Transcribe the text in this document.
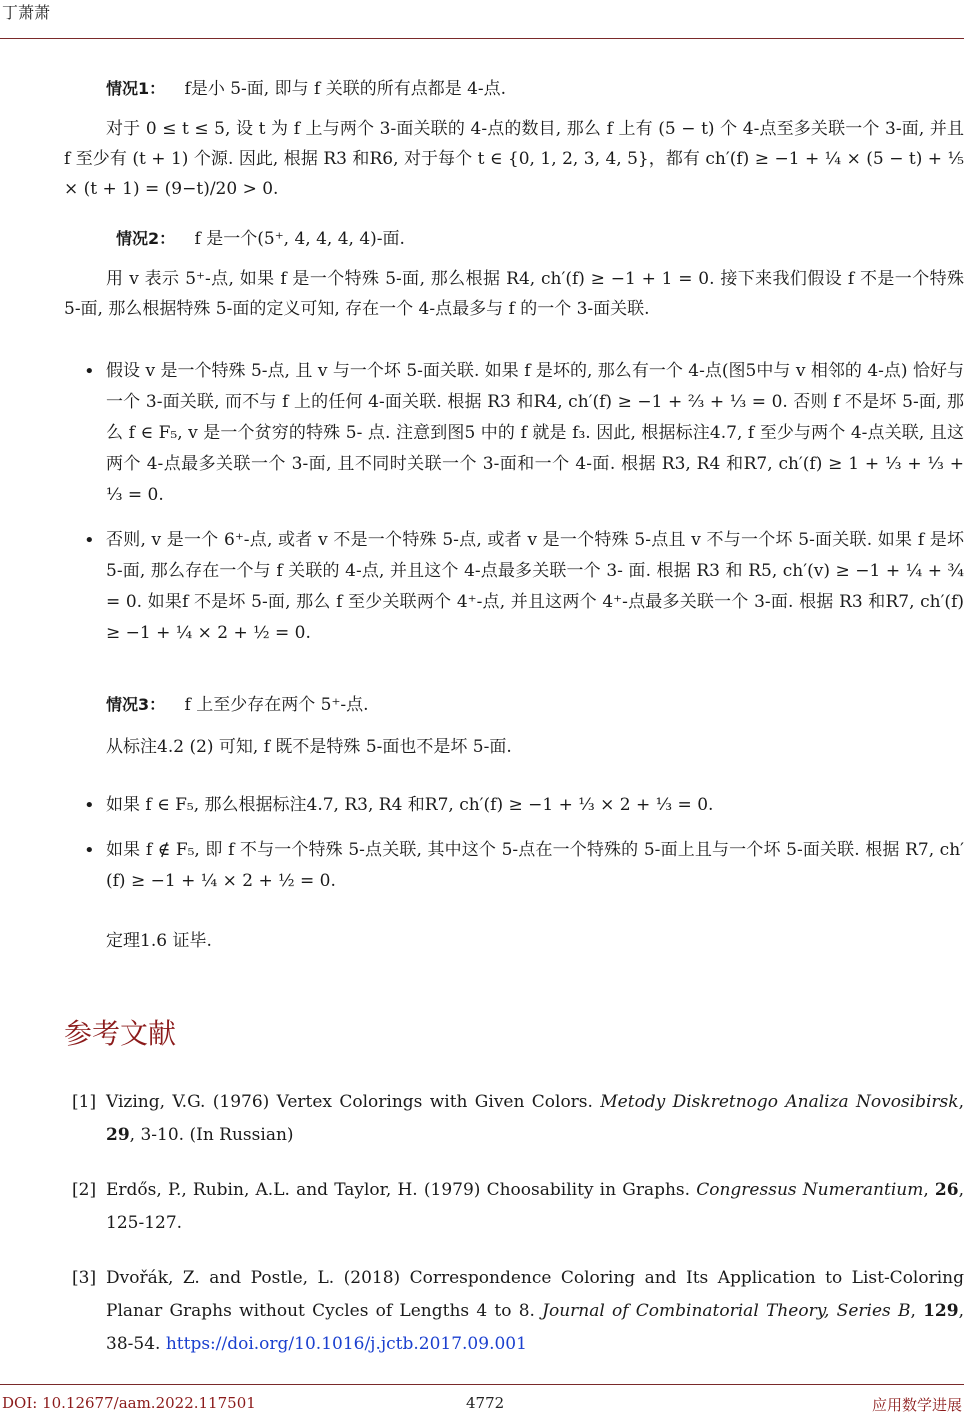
丁萧萧
情况1： f是小 5-面, 即与 f 关联的所有点都是 4-点.

对于 0 ≤ t ≤ 5, 设 t 为 f 上与两个 3-面关联的 4-点的数目, 那么 f 上有 (5 − t) 个 4-点至多关联一个 3-面, 并且 f 至少有 (t + 1) 个源. 因此, 根据 R3 和R6, 对于每个 t ∈ {0, 1, 2, 3, 4, 5}，都有 ch′(f) ≥ −1 + ¼ × (5 − t) + ⅕ × (t + 1) = (9−t)/20 > 0.

情况2： f 是一个(5⁺, 4, 4, 4, 4)-面.

用 v 表示 5⁺-点, 如果 f 是一个特殊 5-面, 那么根据 R4, ch′(f) ≥ −1 + 1 = 0. 接下来我们假设 f 不是一个特殊 5-面, 那么根据特殊 5-面的定义可知, 存在一个 4-点最多与 f 的一个 3-面关联.

• 假设 v 是一个特殊 5-点, 且 v 与一个坏 5-面关联. 如果 f 是坏的, 那么有一个 4-点(图5中与 v 相邻的 4-点) 恰好与一个 3-面关联, 而不与 f 上的任何 4-面关联. 根据 R3 和R4, ch′(f) ≥ −1 + ⅔ + ⅓ = 0. 否则 f 不是坏 5-面, 那么 f ∈ F₅, v 是一个贫穷的特殊 5- 点. 注意到图5 中的 f 就是 f₃. 因此, 根据标注4.7, f 至少与两个 4-点关联, 且这两个 4-点最多关联一个 3-面, 且不同时关联一个 3-面和一个 4-面. 根据 R3, R4 和R7, ch′(f) ≥ 1 + ⅓ + ⅓ + ⅓ = 0.
• 否则, v 是一个 6⁺-点, 或者 v 不是一个特殊 5-点, 或者 v 是一个特殊 5-点且 v 不与一个坏 5-面关联. 如果 f 是坏 5-面, 那么存在一个与 f 关联的 4-点, 并且这个 4-点最多关联一个 3- 面. 根据 R3 和 R5, ch′(v) ≥ −1 + ¼ + ¾ = 0. 如果f 不是坏 5-面, 那么 f 至少关联两个 4⁺-点, 并且这两个 4⁺-点最多关联一个 3-面. 根据 R3 和R7, ch′(f) ≥ −1 + ¼ × 2 + ½ = 0.
情况3： f 上至少存在两个 5⁺-点.

从标注4.2 (2) 可知, f 既不是特殊 5-面也不是坏 5-面.

• 如果 f ∈ F₅, 那么根据标注4.7, R3, R4 和R7, ch′(f) ≥ −1 + ⅓ × 2 + ⅓ = 0.
• 如果 f ∉ F₅, 即 f 不与一个特殊 5-点关联, 其中这个 5-点在一个特殊的 5-面上且与一个坏 5-面关联. 根据 R7, ch′(f) ≥ −1 + ¼ × 2 + ½ = 0.

定理1.6 证毕.

参考文献
[1] Vizing, V.G. (1976) Vertex Colorings with Given Colors. Metody Diskretnogo Analiza Novosibirsk, 29, 3-10. (In Russian)
[2] Erdős, P., Rubin, A.L. and Taylor, H. (1979) Choosability in Graphs. Congressus Numerantium, 26, 125-127.
[3] Dvořák, Z. and Postle, L. (2018) Correspondence Coloring and Its Application to List-Coloring Planar Graphs without Cycles of Lengths 4 to 8. Journal of Combinatorial Theory, Series B, 129, 38-54. https://doi.org/10.1016/j.jctb.2017.09.001
DOI: 10.12677/aam.2022.117501	4772	应用数学进展
